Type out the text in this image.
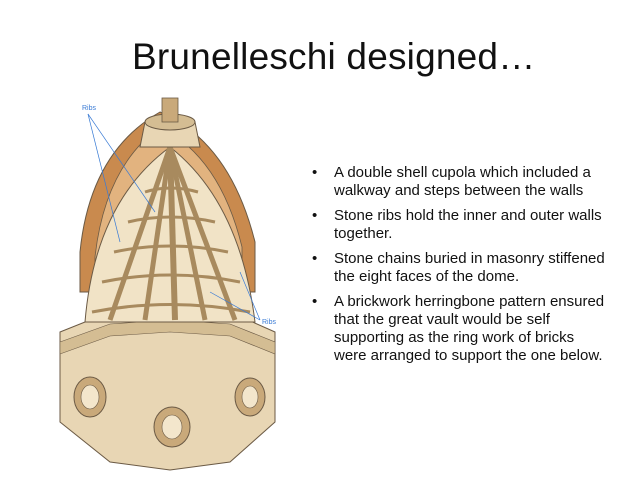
Brunelleschi designed…
Ribs
Ribs
• A double shell cupola which included a walkway and steps between the walls
• Stone ribs hold the inner and outer walls together.
• Stone chains buried in masonry stiffened the eight faces of the dome.
• A brickwork herringbone pattern ensured that the great vault would be self supporting as the ring work of bricks were arranged to support the one below.
